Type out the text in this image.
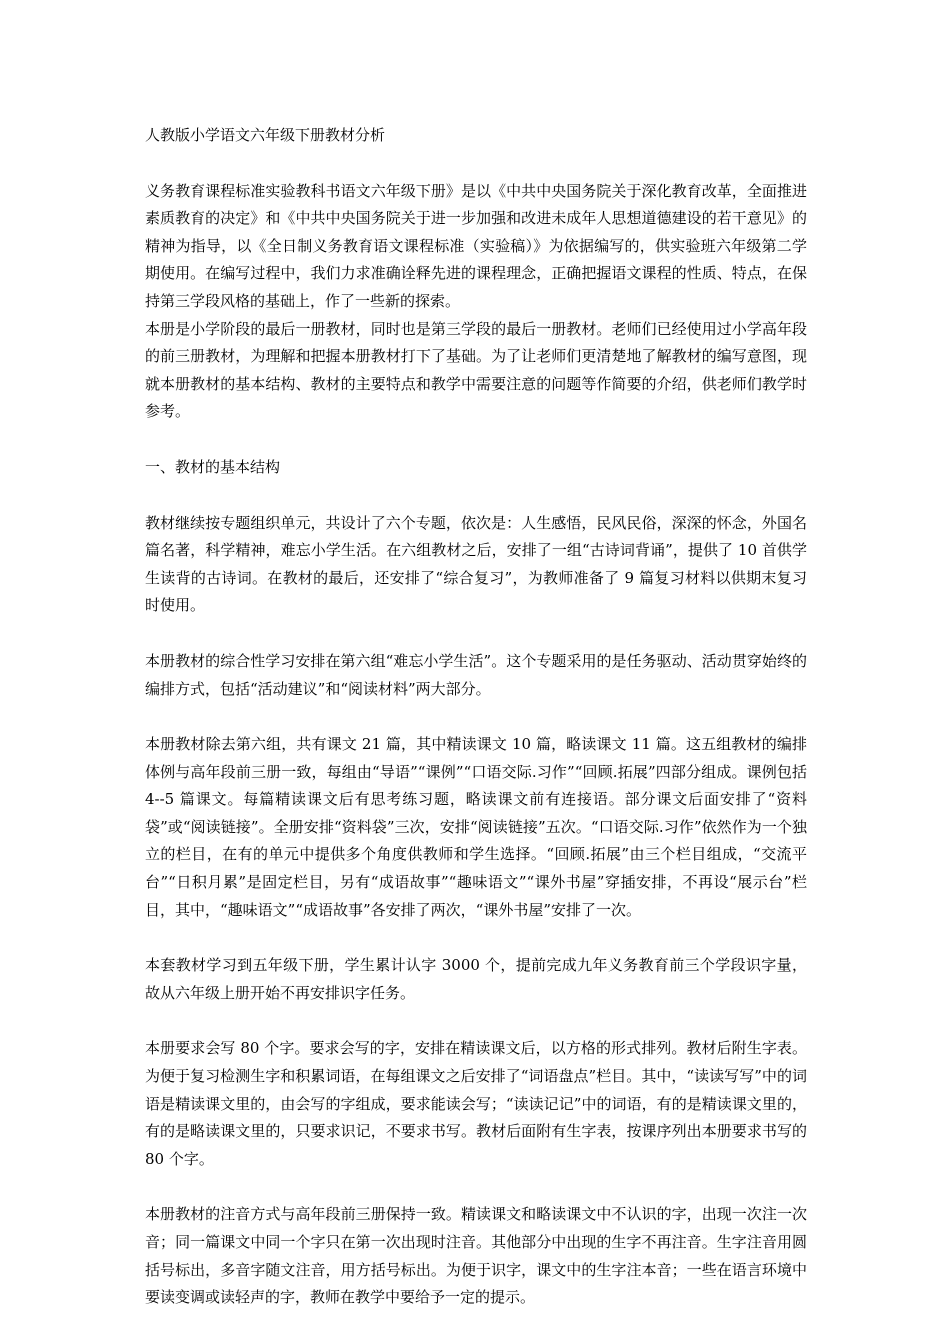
人教版小学语文六年级下册教材分析

义务教育课程标准实验教科书语文六年级下册》是以《中共中央国务院关于深化教育改革，全面推进素质教育的决定》和《中共中央国务院关于进一步加强和改进未成年人思想道德建设的若干意见》的精神为指导，以《全日制义务教育语文课程标准（实验稿）》为依据编写的，供实验班六年级第二学期使用。在编写过程中，我们力求准确诠释先进的课程理念，正确把握语文课程的性质、特点，在保持第三学段风格的基础上，作了一些新的探索。

本册是小学阶段的最后一册教材，同时也是第三学段的最后一册教材。老师们已经使用过小学高年段的前三册教材，为理解和把握本册教材打下了基础。为了让老师们更清楚地了解教材的编写意图，现就本册教材的基本结构、教材的主要特点和教学中需要注意的问题等作简要的介绍，供老师们教学时参考。

一、教材的基本结构

教材继续按专题组织单元，共设计了六个专题，依次是：人生感悟，民风民俗，深深的怀念，外国名篇名著，科学精神，难忘小学生活。在六组教材之后，安排了一组“古诗词背诵”，提供了 10 首供学生读背的古诗词。在教材的最后，还安排了“综合复习”，为教师准备了 9 篇复习材料以供期末复习时使用。

本册教材的综合性学习安排在第六组“难忘小学生活”。这个专题采用的是任务驱动、活动贯穿始终的编排方式，包括“活动建议”和“阅读材料”两大部分。

本册教材除去第六组，共有课文 21 篇，其中精读课文 10 篇，略读课文 11 篇。这五组教材的编排体例与高年段前三册一致，每组由“导语”“课例”“口语交际.习作”“回顾.拓展”四部分组成。课例包括 4--5 篇课文。每篇精读课文后有思考练习题，略读课文前有连接语。部分课文后面安排了“资料袋”或“阅读链接”。全册安排“资料袋”三次，安排“阅读链接”五次。“口语交际.习作”依然作为一个独立的栏目，在有的单元中提供多个角度供教师和学生选择。“回顾.拓展”由三个栏目组成，“交流平台”“日积月累”是固定栏目，另有“成语故事”“趣味语文”“课外书屋”穿插安排，不再设“展示台”栏目，其中，“趣味语文”“成语故事”各安排了两次，“课外书屋”安排了一次。

本套教材学习到五年级下册，学生累计认字 3000 个，提前完成九年义务教育前三个学段识字量，故从六年级上册开始不再安排识字任务。

本册要求会写 80 个字。要求会写的字，安排在精读课文后，以方格的形式排列。教材后附生字表。为便于复习检测生字和积累词语，在每组课文之后安排了“词语盘点”栏目。其中，“读读写写”中的词语是精读课文里的，由会写的字组成，要求能读会写；“读读记记”中的词语，有的是精读课文里的，有的是略读课文里的，只要求识记，不要求书写。教材后面附有生字表，按课序列出本册要求书写的 80 个字。

本册教材的注音方式与高年段前三册保持一致。精读课文和略读课文中不认识的字，出现一次注一次音；同一篇课文中同一个字只在第一次出现时注音。其他部分中出现的生字不再注音。生字注音用圆括号标出，多音字随文注音，用方括号标出。为便于识字，课文中的生字注本音；一些在语言环境中要读变调或读轻声的字，教师在教学中要给予一定的提示。
